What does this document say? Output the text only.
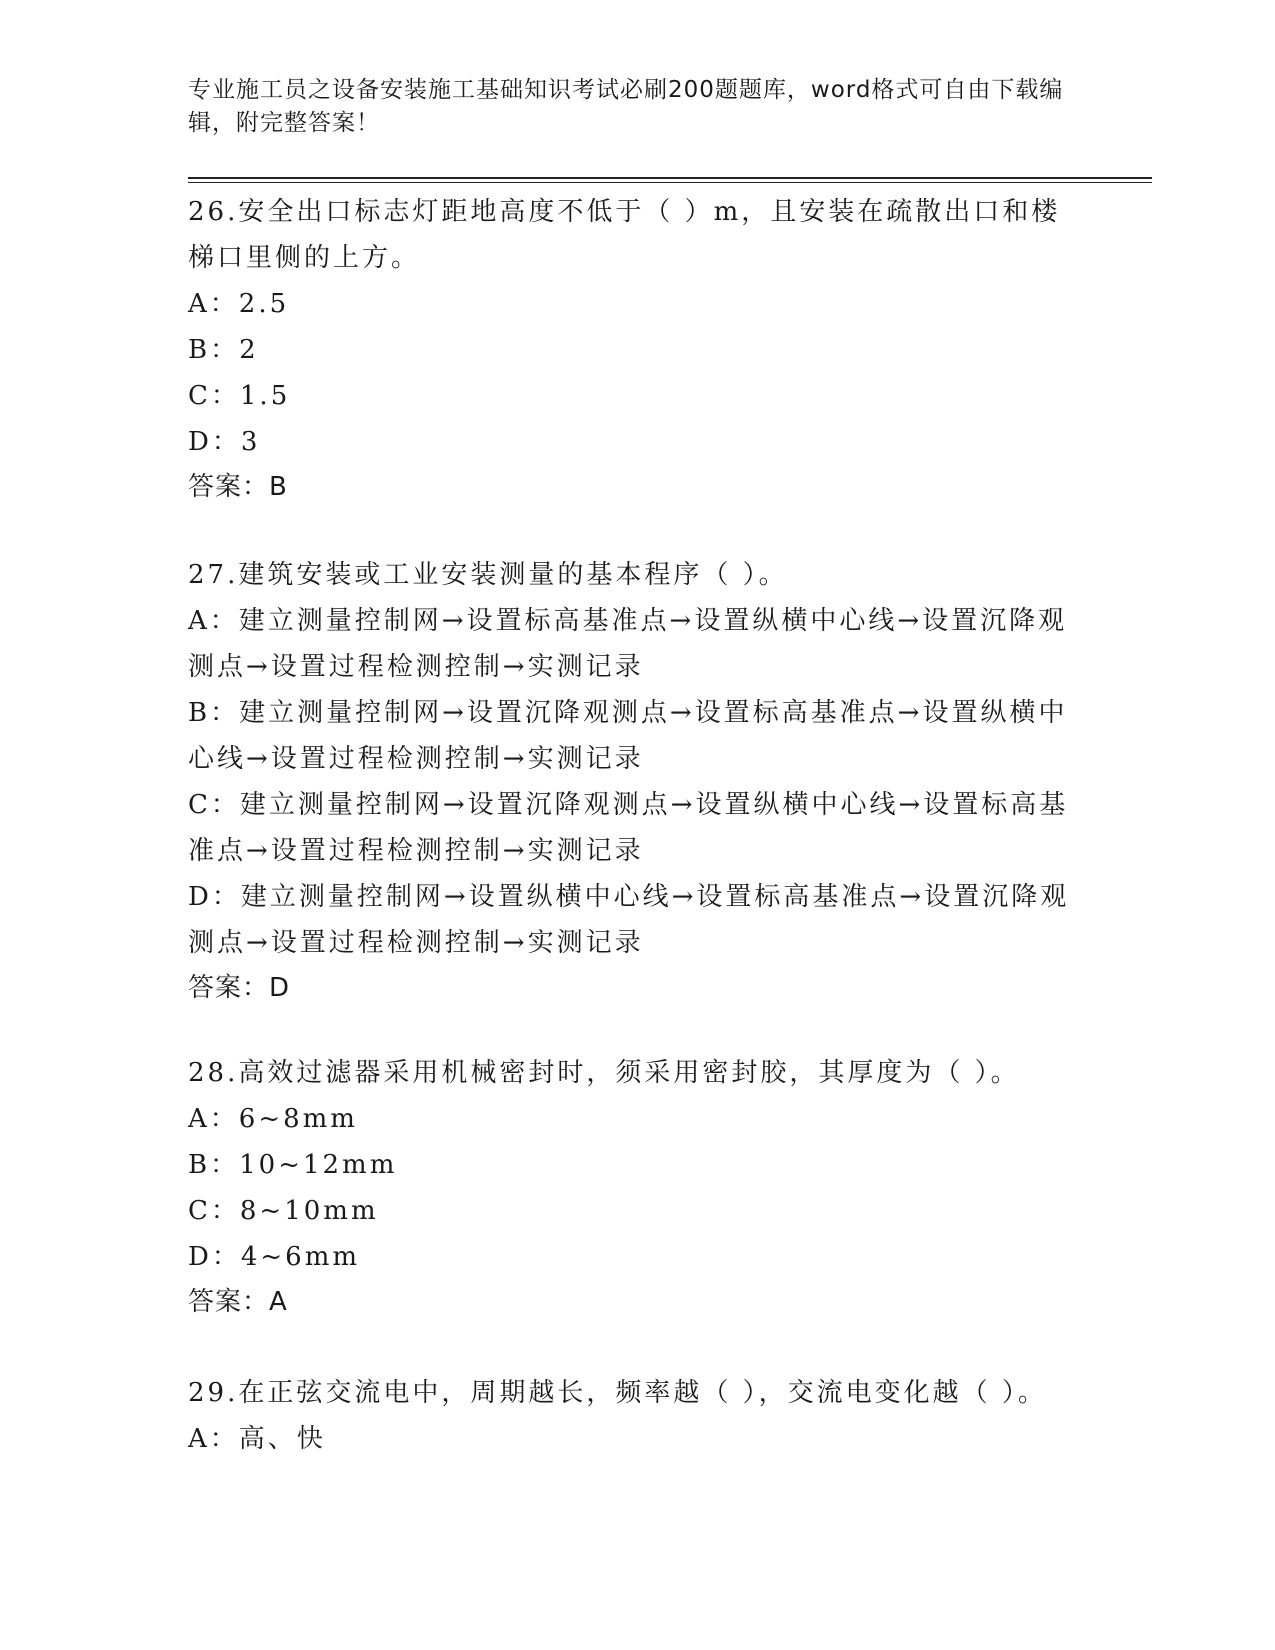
专业施工员之设备安装施工基础知识考试必刷200题题库，word格式可自由下载编辑，附完整答案！
26.安全出口标志灯距地高度不低于（ ）m，且安装在疏散出口和楼梯口里侧的上方。
A：2.5
B：2
C：1.5
D：3
答案：B
27.建筑安装或工业安装测量的基本程序（ ）。
A：建立测量控制网→设置标高基准点→设置纵横中心线→设置沉降观测点→设置过程检测控制→实测记录
B：建立测量控制网→设置沉降观测点→设置标高基准点→设置纵横中心线→设置过程检测控制→实测记录
C：建立测量控制网→设置沉降观测点→设置纵横中心线→设置标高基准点→设置过程检测控制→实测记录
D：建立测量控制网→设置纵横中心线→设置标高基准点→设置沉降观测点→设置过程检测控制→实测记录
答案：D
28.高效过滤器采用机械密封时，须采用密封胶，其厚度为（ ）。
A：6~8mm
B：10~12mm
C：8~10mm
D：4~6mm
答案：A
29.在正弦交流电中，周期越长，频率越（ ），交流电变化越（ ）。
A：高、快
